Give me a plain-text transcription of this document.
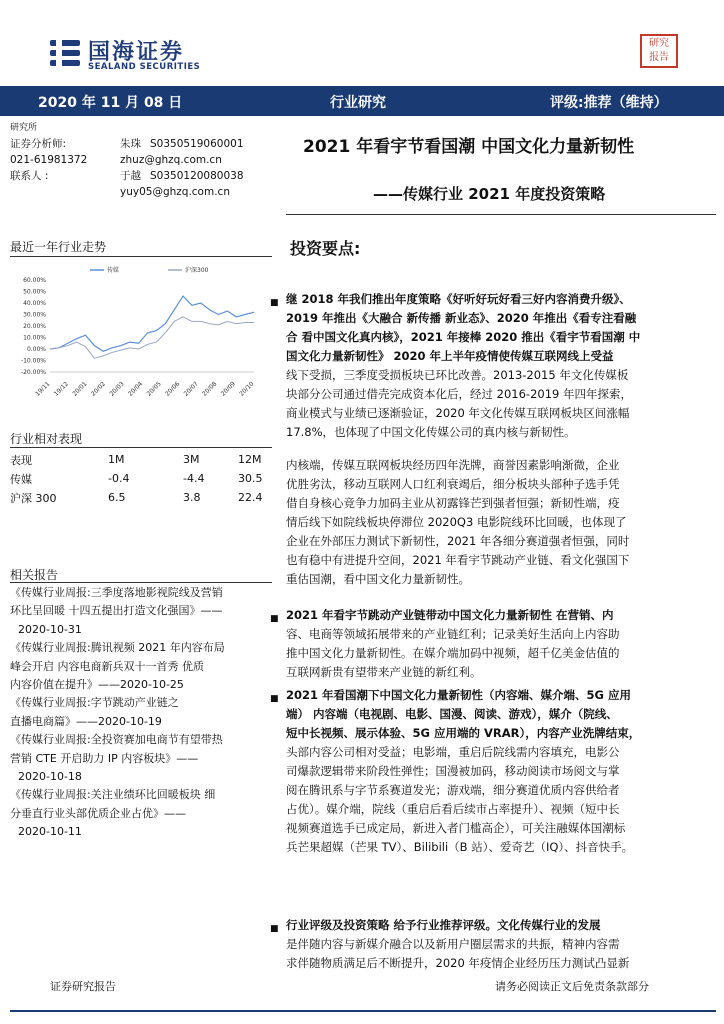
国海证券
SEALAND SECURITIES
研究报告
2020 年 11 月 08 日	行业研究	评级:推荐（维持）
研究所
证券分析师:	朱珠 S0350519060001
021-61981372	zhuz@ghzq.com.cn
联系人 :	于越 S0350120080038
yuy05@ghzq.com.cn
2021 年看宇节看国潮 中国文化力量新韧性
——传媒行业 2021 年度投资策略
最近一年行业走势
60.00%
50.00%
40.00%
30.00%
20.00%
10.00%
0.00%
-10.00%
-20.00%
19/11 19/12 20/01 20/02 20/03 20/04 20/05 20/06 20/07 20/08 20/09 20/10
传媒	沪深300
行业相对表现
表现	1M	3M	12M
传媒	-0.4	-4.4	30.5
沪深 300	6.5	3.8	22.4
相关报告
《传媒行业周报:三季度落地影视院线及营销
环比呈回暖 十四五提出打造文化强国》——
2020-10-31
《传媒行业周报:腾讯视频 2021 年内容布局
峰会开启 内容电商新兵双十一首秀 优质
内容价值在提升》——2020-10-25
《传媒行业周报:字节跳动产业链之
直播电商篇》——2020-10-19
《传媒行业周报:全投资赛加电商节有望带热
营销 CTE 开启助力 IP 内容板块》——
2020-10-18
《传媒行业周报:关注业绩环比回暖板块 细
分垂直行业头部优质企业占优》——
2020-10-11
投资要点:
■ 继 2018 年我们推出年度策略《好听好玩好看三好内容消费升级》、
2019 年推出《大融合 新传播 新业态》、2020 年推出《看专注看融
合 看中国文化真内核》，2021 年接棒 2020 推出《看宇节看国潮 中
国文化力量新韧性》 2020 年上半年疫情使传媒互联网线上受益
线下受损，三季度受损板块已环比改善。2013-2015 年文化传媒板
块部分公司通过借壳完成资本化后，经过 2016-2019 年四年探索，
商业模式与业绩已逐渐验证，2020 年文化传媒互联网板块区间涨幅
17.8%，也体现了中国文化传媒公司的真内核与新韧性。
内核端，传媒互联网板块经历四年洗牌，商誉因素影响渐微，企业
优胜劣汰，移动互联网人口红利衰竭后，细分板块头部种子选手凭
借自身核心竞争力加码主业从初露锋芒到强者恒强；新韧性端，疫
情后线下如院线板块停滞位 2020Q3 电影院线环比回暖，也体现了
企业在外部压力测试下新韧性，2021 年各细分赛道强者恒强，同时
也有稳中有进提升空间，2021 年看宇节跳动产业链、看文化强国下
重估国潮，看中国文化力量新韧性。
■ 2021 年看宇节跳动产业链带动中国文化力量新韧性 在营销、内
容、电商等领域拓展带来的产业链红利；记录美好生活向上内容助
推中国文化力量新韧性。在媒介端加码中视频，超千亿美金估值的
互联网新贵有望带来产业链的新红利。
■ 2021 年看国潮下中国文化力量新韧性（内容端、媒介端、5G 应用
端） 内容端（电视剧、电影、国漫、阅读、游戏），媒介（院线、
短中长视频、展示体验、5G 应用端的 VRAR），内容产业洗牌结束，
头部内容公司相对受益；电影端，重启后院线需内容填充，电影公
司爆款逻辑带来阶段性弹性；国漫被加码，移动阅读市场阅文与掌
阅在腾讯系与字节系赛道发光；游戏端，细分赛道优质内容供给者
占优）。媒介端，院线（重启后看后续市占率提升）、视频（短中长
视频赛道选手已成定局，新进入者门槛高企），可关注融媒体国潮标
兵芒果超媒（芒果 TV）、Bilibili（B 站）、爱奇艺（IQ）、抖音快手。
■ 行业评级及投资策略 给予行业推荐评级。文化传媒行业的发展
是伴随内容与新媒介融合以及新用户圈层需求的共振，精神内容需
求伴随物质满足后不断提升，2020 年疫情企业经历压力测试凸显新
证券研究报告	请务必阅读正文后免责条款部分
